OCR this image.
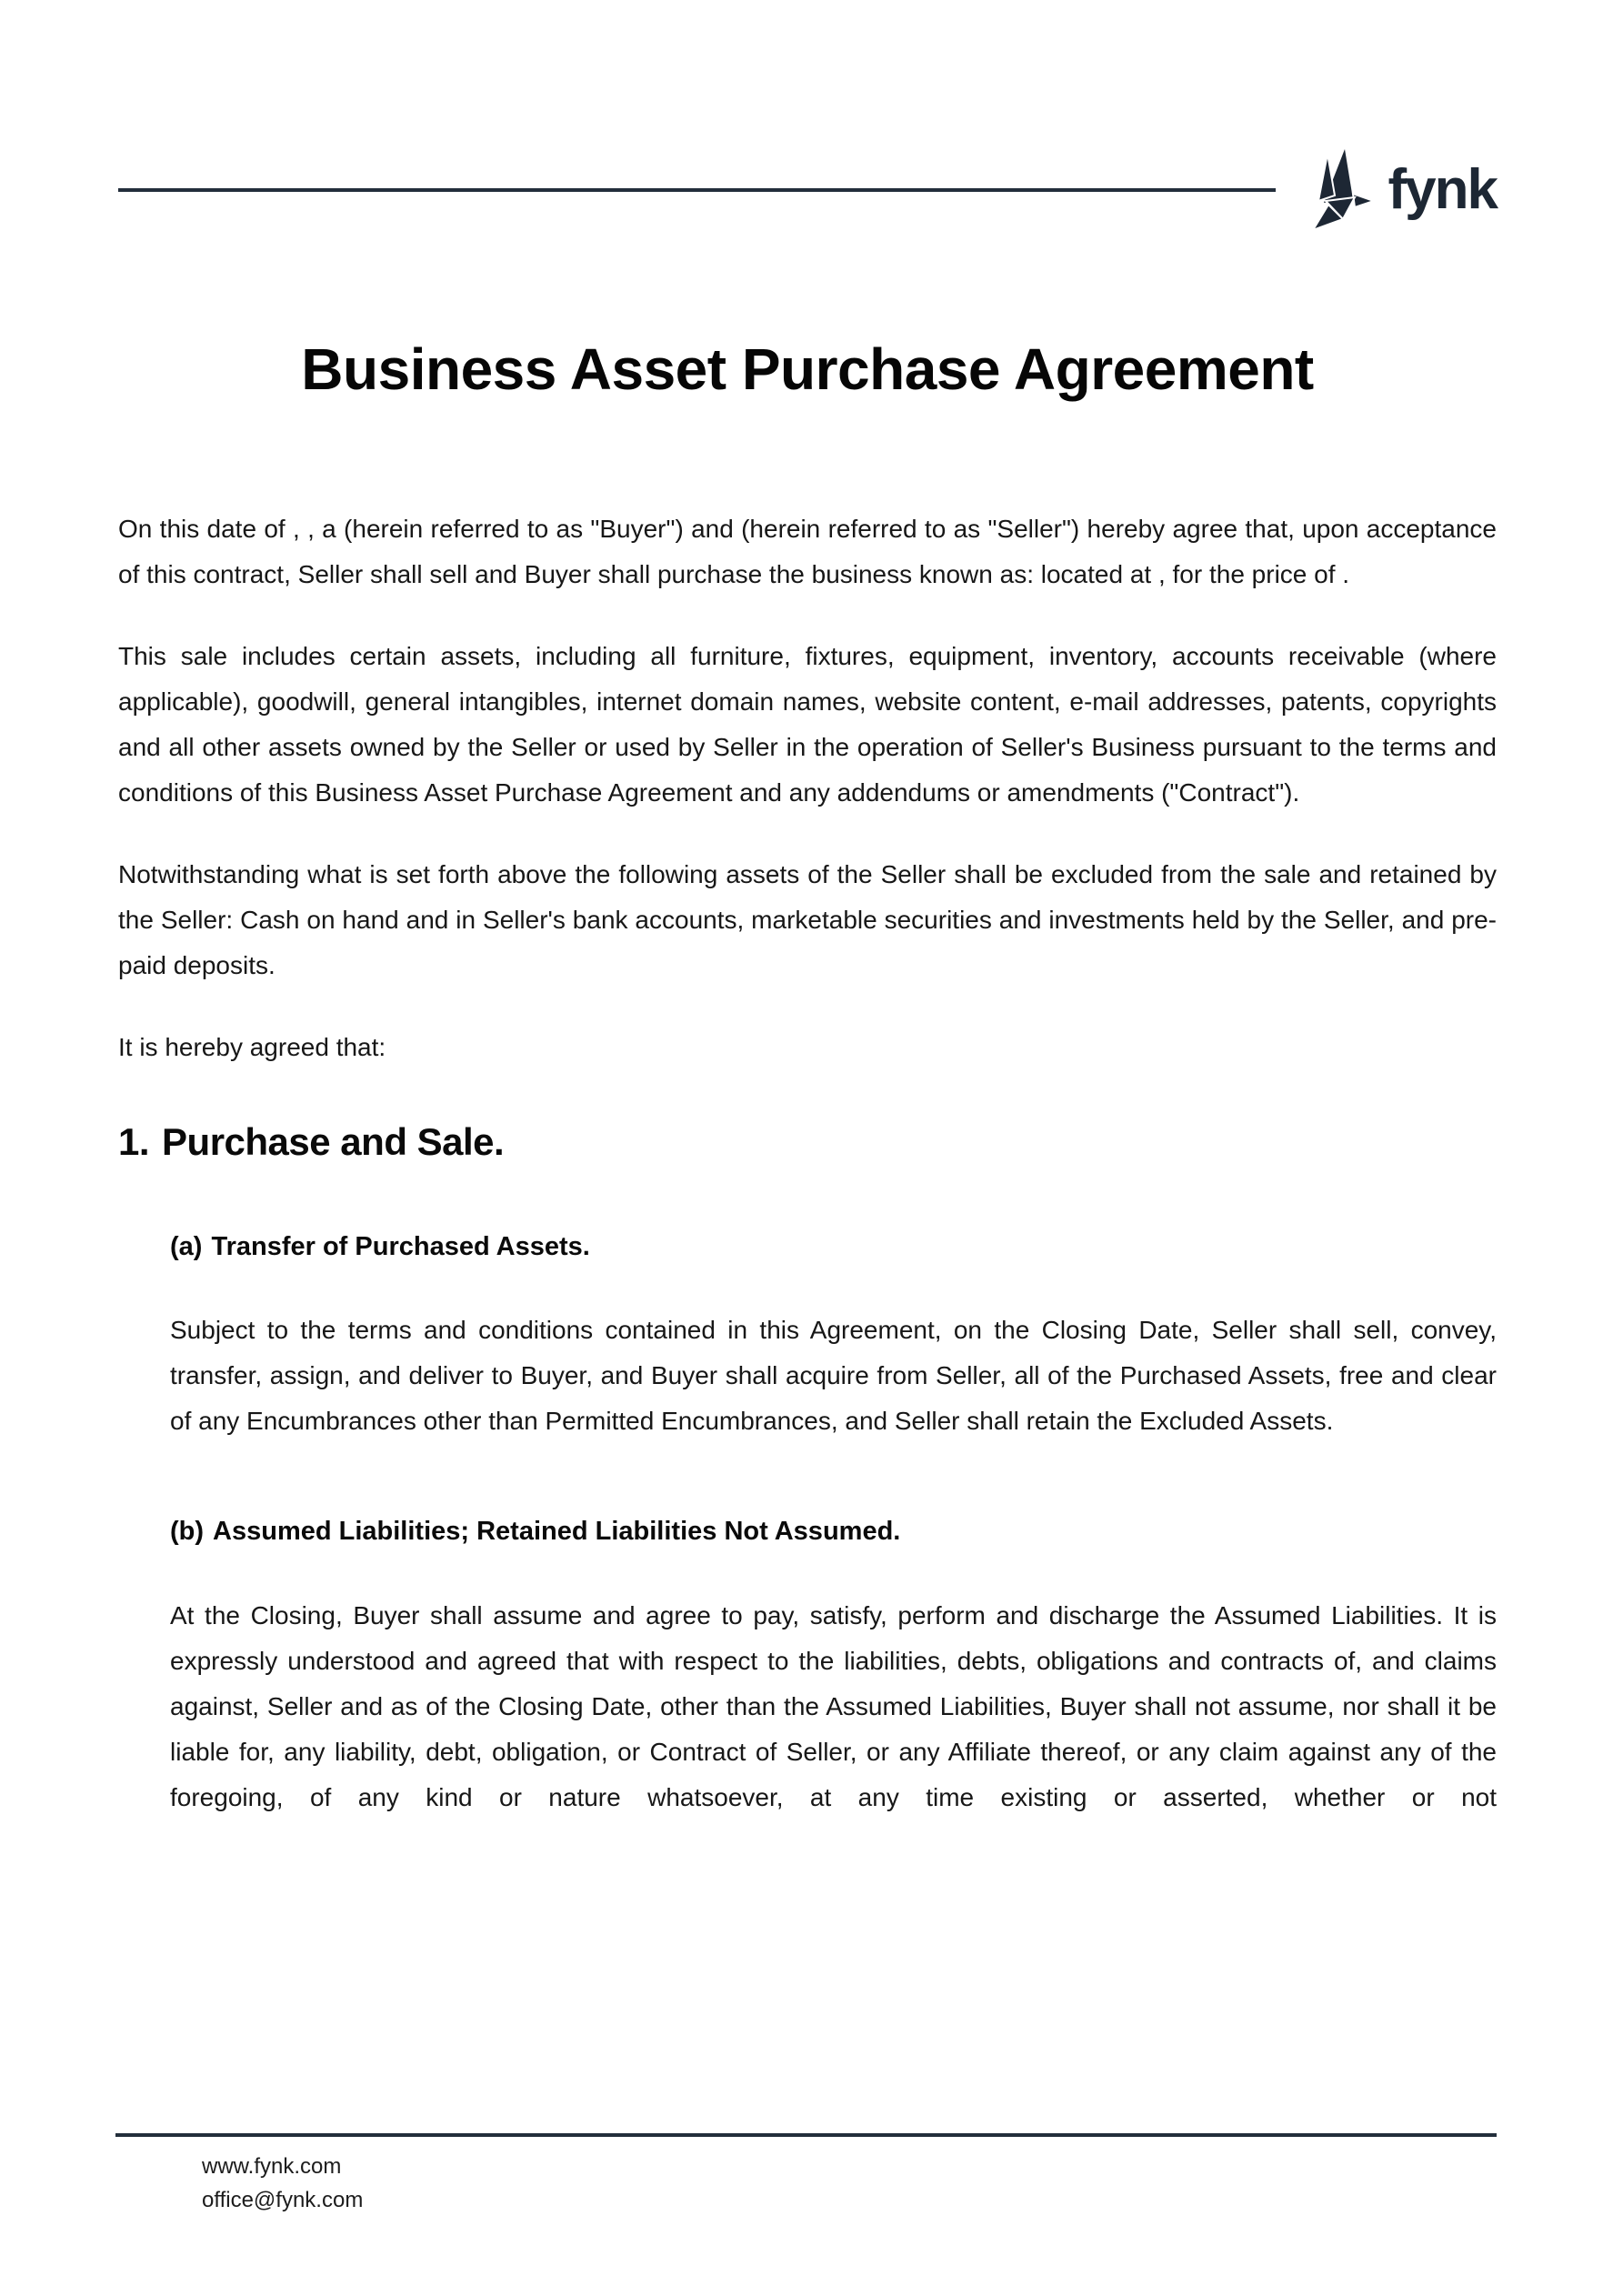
fynk
Business Asset Purchase Agreement

On this date of , , a (herein referred to as "Buyer") and (herein referred to as "Seller") hereby agree that, upon acceptance of this contract, Seller shall sell and Buyer shall purchase the business known as: located at , for the price of .

This sale includes certain assets, including all furniture, fixtures, equipment, inventory, accounts receivable (where applicable), goodwill, general intangibles, internet domain names, website content, e-mail addresses, patents, copyrights and all other assets owned by the Seller or used by Seller in the operation of Seller's Business pursuant to the terms and conditions of this Business Asset Purchase Agreement and any addendums or amendments ("Contract").

Notwithstanding what is set forth above the following assets of the Seller shall be excluded from the sale and retained by the Seller: Cash on hand and in Seller's bank accounts, marketable securities and investments held by the Seller, and pre-paid deposits.

It is hereby agreed that:

1. Purchase and Sale.
(a) Transfer of Purchased Assets.

Subject to the terms and conditions contained in this Agreement, on the Closing Date, Seller shall sell, convey, transfer, assign, and deliver to Buyer, and Buyer shall acquire from Seller, all of the Purchased Assets, free and clear of any Encumbrances other than Permitted Encumbrances, and Seller shall retain the Excluded Assets.

(b) Assumed Liabilities; Retained Liabilities Not Assumed.

At the Closing, Buyer shall assume and agree to pay, satisfy, perform and discharge the Assumed Liabilities. It is expressly understood and agreed that with respect to the liabilities, debts, obligations and contracts of, and claims against, Seller and as of the Closing Date, other than the Assumed Liabilities, Buyer shall not assume, nor shall it be liable for, any liability, debt, obligation, or Contract of Seller, or any Affiliate thereof, or any claim against any of the foregoing, of any kind or nature whatsoever, at any time existing or asserted, whether or not

www.fynk.com
office@fynk.com
